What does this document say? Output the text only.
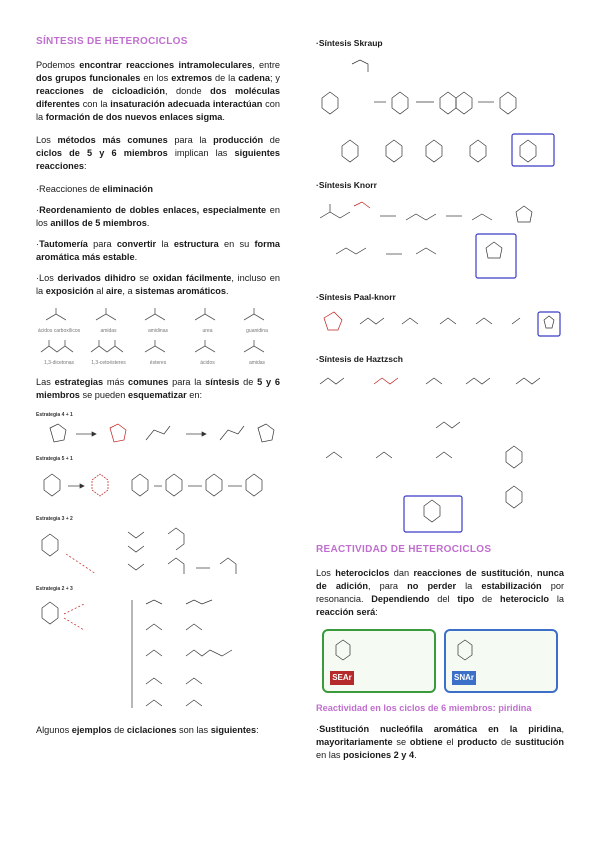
SÍNTESIS DE HETEROCICLOS

Podemos encontrar reacciones intramoleculares, entre dos grupos funcionales en los extremos de la cadena; y reacciones de cicloadición, donde dos moléculas diferentes con la insaturación adecuada interactúan con la formación de dos nuevos enlaces sigma.

Los métodos más comunes para la producción de ciclos de 5 y 6 miembros implican las siguientes reacciones:

·Reacciones de eliminación

·Reordenamiento de dobles enlaces, especialmente en los anillos de 5 miembros.

·Tautomería para convertir la estructura en su forma aromática más estable.

·Los derivados dihidro se oxidan fácilmente, incluso en la exposición al aire, a sistemas aromáticos.

ácidos carboxílicos	amidas	amidinas	urea	guanidina
1,3-dicetonas	1,3-cetoésteres	ésteres	ácidos	amidas

Las estrategias más comunes para la síntesis de 5 y 6 miembros se pueden esquematizar en:

Estrategia 4 + 1
Estrategia 5 + 1
Estrategia 3 + 2
Estrategia 2 + 3

Algunos ejemplos de ciclaciones son las siguientes:

·Síntesis Skraup
·Síntesis Knorr
·Síntesis Paal-knorr
·Síntesis de Haztzsch
REACTIVIDAD DE HETEROCICLOS

Los heterociclos dan reacciones de sustitución, nunca de adición, para no perder la estabilización por resonancia. Dependiendo del tipo de heterociclo la reacción será:

SEAr	SNAr
Reactividad en los ciclos de 6 miembros: piridina

·Sustitución nucleófila aromática en la piridina, mayoritariamente se obtiene el producto de sustitución en las posiciones 2 y 4.
